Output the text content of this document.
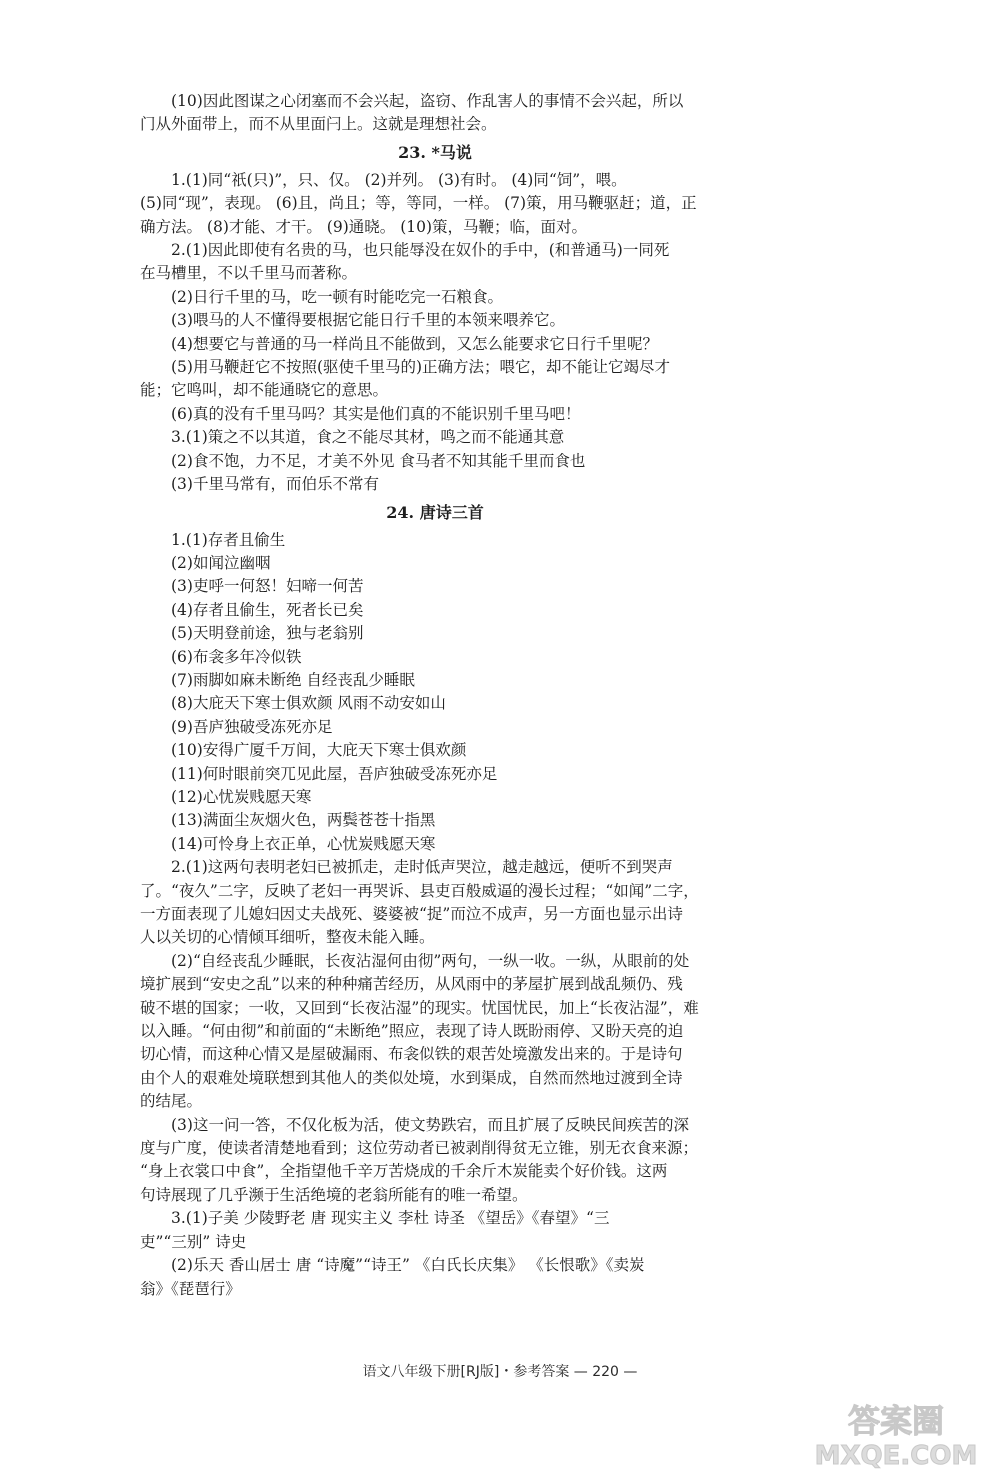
(10)因此图谋之心闭塞而不会兴起，盗窃、作乱害人的事情不会兴起，所以

门从外面带上，而不从里面闩上。这就是理想社会。

23. *马说

1.(1)同“祇(只)”，只、仅。 (2)并列。 (3)有时。 (4)同“饲”，喂。

(5)同“现”，表现。 (6)且，尚且；等，等同，一样。 (7)策，用马鞭驱赶；道，正

确方法。 (8)才能、才干。 (9)通晓。 (10)策，马鞭；临，面对。

2.(1)因此即使有名贵的马，也只能辱没在奴仆的手中，(和普通马)一同死

在马槽里，不以千里马而著称。

(2)日行千里的马，吃一顿有时能吃完一石粮食。

(3)喂马的人不懂得要根据它能日行千里的本领来喂养它。

(4)想要它与普通的马一样尚且不能做到，又怎么能要求它日行千里呢？

(5)用马鞭赶它不按照(驱使千里马的)正确方法；喂它，却不能让它竭尽才

能；它鸣叫，却不能通晓它的意思。

(6)真的没有千里马吗？其实是他们真的不能识别千里马吧！

3.(1)策之不以其道，食之不能尽其材，鸣之而不能通其意

(2)食不饱，力不足，才美不外见 食马者不知其能千里而食也

(3)千里马常有，而伯乐不常有

24. 唐诗三首

1.(1)存者且偷生

(2)如闻泣幽咽

(3)吏呼一何怒！妇啼一何苦

(4)存者且偷生，死者长已矣

(5)天明登前途，独与老翁别

(6)布衾多年冷似铁

(7)雨脚如麻未断绝 自经丧乱少睡眠

(8)大庇天下寒士俱欢颜 风雨不动安如山

(9)吾庐独破受冻死亦足

(10)安得广厦千万间，大庇天下寒士俱欢颜

(11)何时眼前突兀见此屋，吾庐独破受冻死亦足

(12)心忧炭贱愿天寒

(13)满面尘灰烟火色，两鬓苍苍十指黑

(14)可怜身上衣正单，心忧炭贱愿天寒

2.(1)这两句表明老妇已被抓走，走时低声哭泣，越走越远，便听不到哭声

了。“夜久”二字，反映了老妇一再哭诉、县吏百般威逼的漫长过程；“如闻”二字，

一方面表现了儿媳妇因丈夫战死、婆婆被“捉”而泣不成声，另一方面也显示出诗

人以关切的心情倾耳细听，整夜未能入睡。

(2)“自经丧乱少睡眠，长夜沾湿何由彻”两句，一纵一收。一纵，从眼前的处

境扩展到“安史之乱”以来的种种痛苦经历，从风雨中的茅屋扩展到战乱频仍、残

破不堪的国家；一收，又回到“长夜沾湿”的现实。忧国忧民，加上“长夜沾湿”，难

以入睡。“何由彻”和前面的“未断绝”照应，表现了诗人既盼雨停、又盼天亮的迫

切心情，而这种心情又是屋破漏雨、布衾似铁的艰苦处境激发出来的。于是诗句

由个人的艰难处境联想到其他人的类似处境，水到渠成，自然而然地过渡到全诗

的结尾。

(3)这一问一答，不仅化板为活，使文势跌宕，而且扩展了反映民间疾苦的深

度与广度，使读者清楚地看到；这位劳动者已被剥削得贫无立锥，别无衣食来源；

“身上衣裳口中食”，全指望他千辛万苦烧成的千余斤木炭能卖个好价钱。这两

句诗展现了几乎濒于生活绝境的老翁所能有的唯一希望。

3.(1)子美 少陵野老 唐 现实主义 李杜 诗圣 《望岳》《春望》“三

吏”“三别” 诗史

(2)乐天 香山居士 唐 “诗魔”“诗王” 《白氏长庆集》 《长恨歌》《卖炭

翁》《琵琶行》

语文八年级下册[RJ版]・参考答案 — 220 —
答案圈
MXQE.COM
